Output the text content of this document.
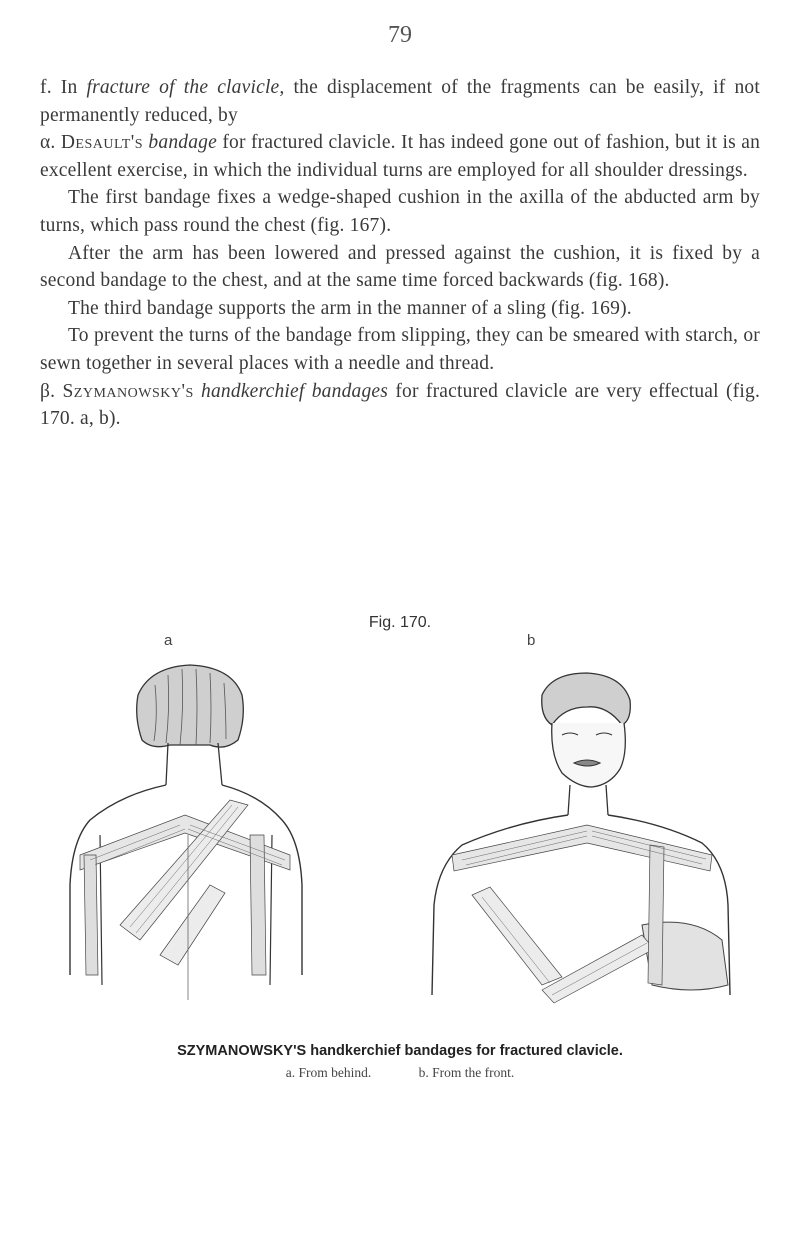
79

f. In fracture of the clavicle, the displacement of the fragments can be easily, if not permanently reduced, by

α. Desault's bandage for fractured clavicle. It has indeed gone out of fashion, but it is an excellent exercise, in which the individual turns are employed for all shoulder dressings.

The first bandage fixes a wedge-shaped cushion in the axilla of the abducted arm by turns, which pass round the chest (fig. 167).

After the arm has been lowered and pressed against the cushion, it is fixed by a second bandage to the chest, and at the same time forced backwards (fig. 168).

The third bandage supports the arm in the manner of a sling (fig. 169).

To prevent the turns of the bandage from slipping, they can be smeared with starch, or sewn together in several places with a needle and thread.

β. Szymanowsky's handkerchief bandages for fractured clavicle are very effectual (fig. 170. a, b).

Fig. 170.
a	b
SZYMANOWSKY'S handkerchief bandages for fractured clavicle.
a. From behind.	b. From the front.
